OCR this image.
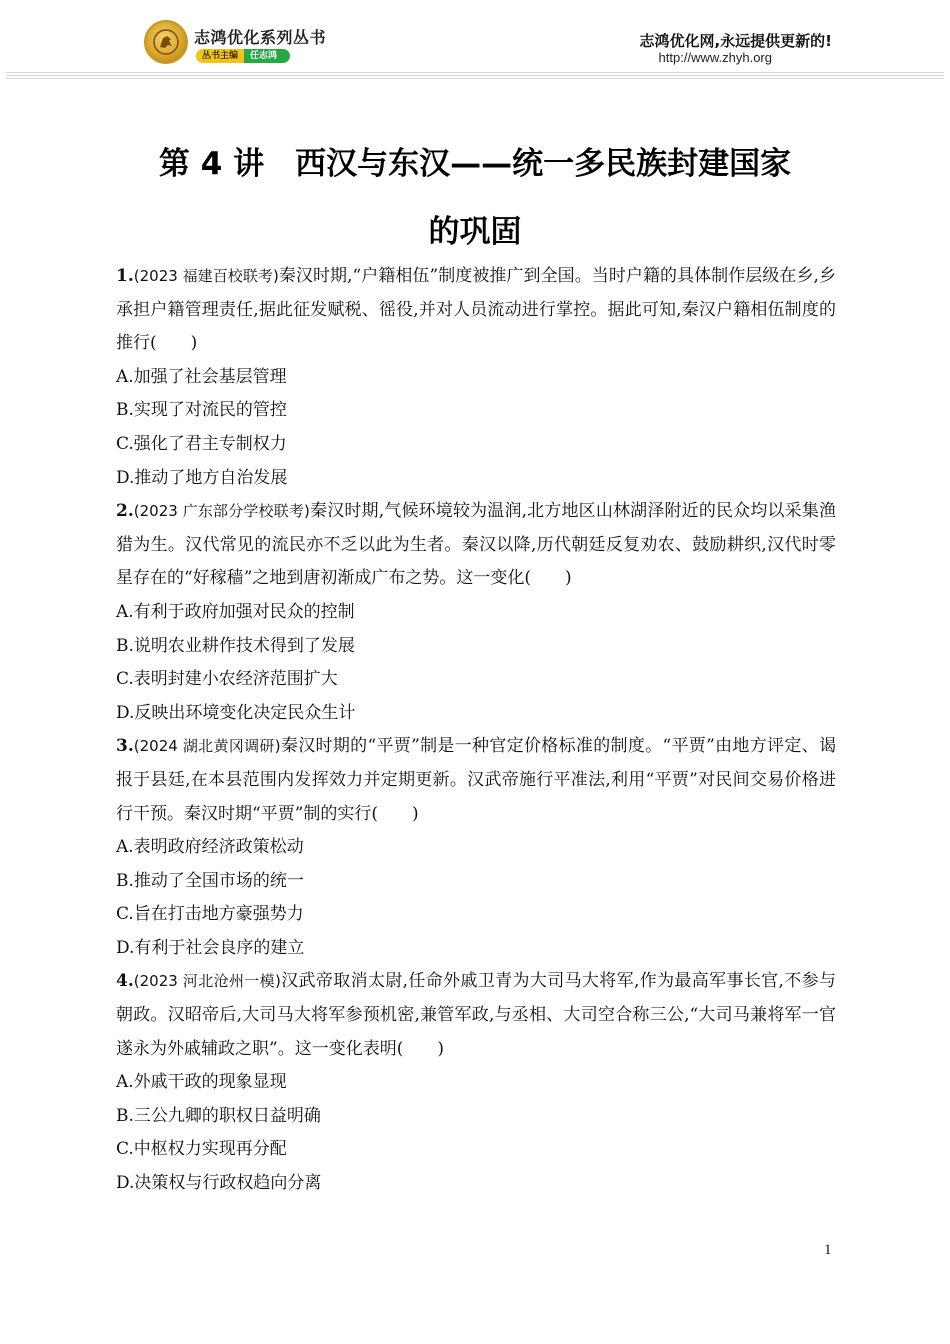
志鸿优化系列丛书
丛书主编	任志鸿
志鸿优化网,永远提供更新的!
http://www.zhyh.org
第 4 讲　西汉与东汉——统一多民族封建国家
的巩固
1.(2023 福建百校联考)秦汉时期,“户籍相伍”制度被推广到全国。当时户籍的具体制作层级在乡,乡承担户籍管理责任,据此征发赋税、徭役,并对人员流动进行掌控。据此可知,秦汉户籍相伍制度的推行(　　)
A.加强了社会基层管理
B.实现了对流民的管控
C.强化了君主专制权力
D.推动了地方自治发展
2.(2023 广东部分学校联考)秦汉时期,气候环境较为温润,北方地区山林湖泽附近的民众均以采集渔猎为生。汉代常见的流民亦不乏以此为生者。秦汉以降,历代朝廷反复劝农、鼓励耕织,汉代时零星存在的“好稼穑”之地到唐初渐成广布之势。这一变化(　　)
A.有利于政府加强对民众的控制
B.说明农业耕作技术得到了发展
C.表明封建小农经济范围扩大
D.反映出环境变化决定民众生计
3.(2024 湖北黄冈调研)秦汉时期的“平贾”制是一种官定价格标准的制度。“平贾”由地方评定、谒报于县廷,在本县范围内发挥效力并定期更新。汉武帝施行平准法,利用“平贾”对民间交易价格进行干预。秦汉时期“平贾”制的实行(　　)
A.表明政府经济政策松动
B.推动了全国市场的统一
C.旨在打击地方豪强势力
D.有利于社会良序的建立
4.(2023 河北沧州一模)汉武帝取消太尉,任命外戚卫青为大司马大将军,作为最高军事长官,不参与朝政。汉昭帝后,大司马大将军参预机密,兼管军政,与丞相、大司空合称三公,“大司马兼将军一官遂永为外戚辅政之职”。这一变化表明(　　)
A.外戚干政的现象显现
B.三公九卿的职权日益明确
C.中枢权力实现再分配
D.决策权与行政权趋向分离
1
